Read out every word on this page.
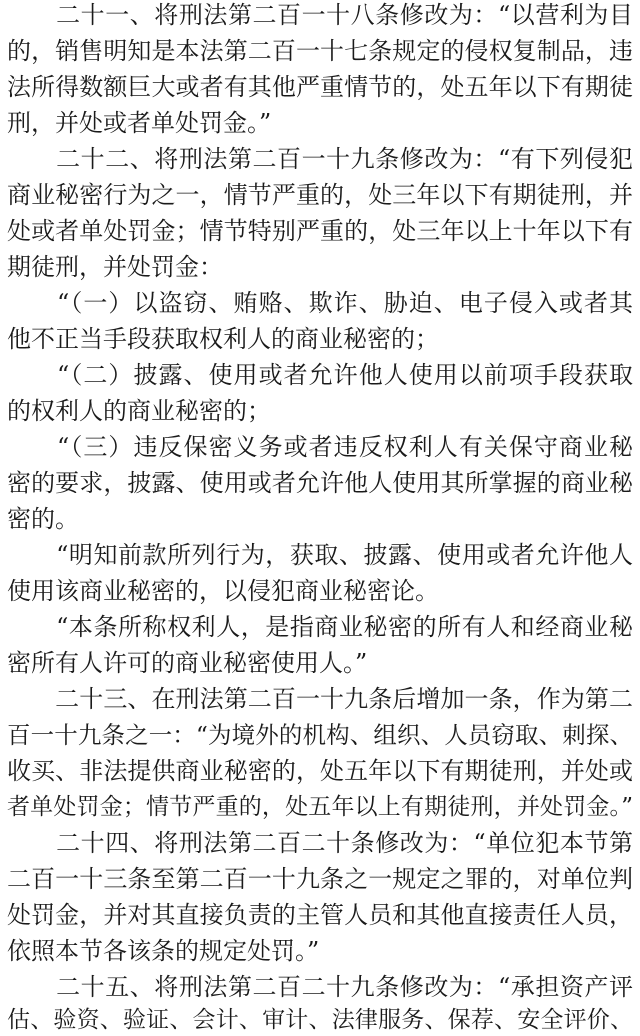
　　二十一、将刑法第二百一十八条修改为：“以营利为目
的，销售明知是本法第二百一十七条规定的侵权复制品，违
法所得数额巨大或者有其他严重情节的，处五年以下有期徒
刑，并处或者单处罚金。”
　　二十二、将刑法第二百一十九条修改为：“有下列侵犯
商业秘密行为之一，情节严重的，处三年以下有期徒刑，并
处或者单处罚金；情节特别严重的，处三年以上十年以下有
期徒刑，并处罚金：
　　“（一）以盗窃、贿赂、欺诈、胁迫、电子侵入或者其
他不正当手段获取权利人的商业秘密的；
　　“（二）披露、使用或者允许他人使用以前项手段获取
的权利人的商业秘密的；
　　“（三）违反保密义务或者违反权利人有关保守商业秘
密的要求，披露、使用或者允许他人使用其所掌握的商业秘
密的。
　　“明知前款所列行为，获取、披露、使用或者允许他人
使用该商业秘密的，以侵犯商业秘密论。
　　“本条所称权利人，是指商业秘密的所有人和经商业秘
密所有人许可的商业秘密使用人。”
　　二十三、在刑法第二百一十九条后增加一条，作为第二
百一十九条之一：“为境外的机构、组织、人员窃取、刺探、
收买、非法提供商业秘密的，处五年以下有期徒刑，并处或
者单处罚金；情节严重的，处五年以上有期徒刑，并处罚金。”
　　二十四、将刑法第二百二十条修改为：“单位犯本节第
二百一十三条至第二百一十九条之一规定之罪的，对单位判
处罚金，并对其直接负责的主管人员和其他直接责任人员，
依照本节各该条的规定处罚。”
　　二十五、将刑法第二百二十九条修改为：“承担资产评
估、验资、验证、会计、审计、法律服务、保荐、安全评价、
